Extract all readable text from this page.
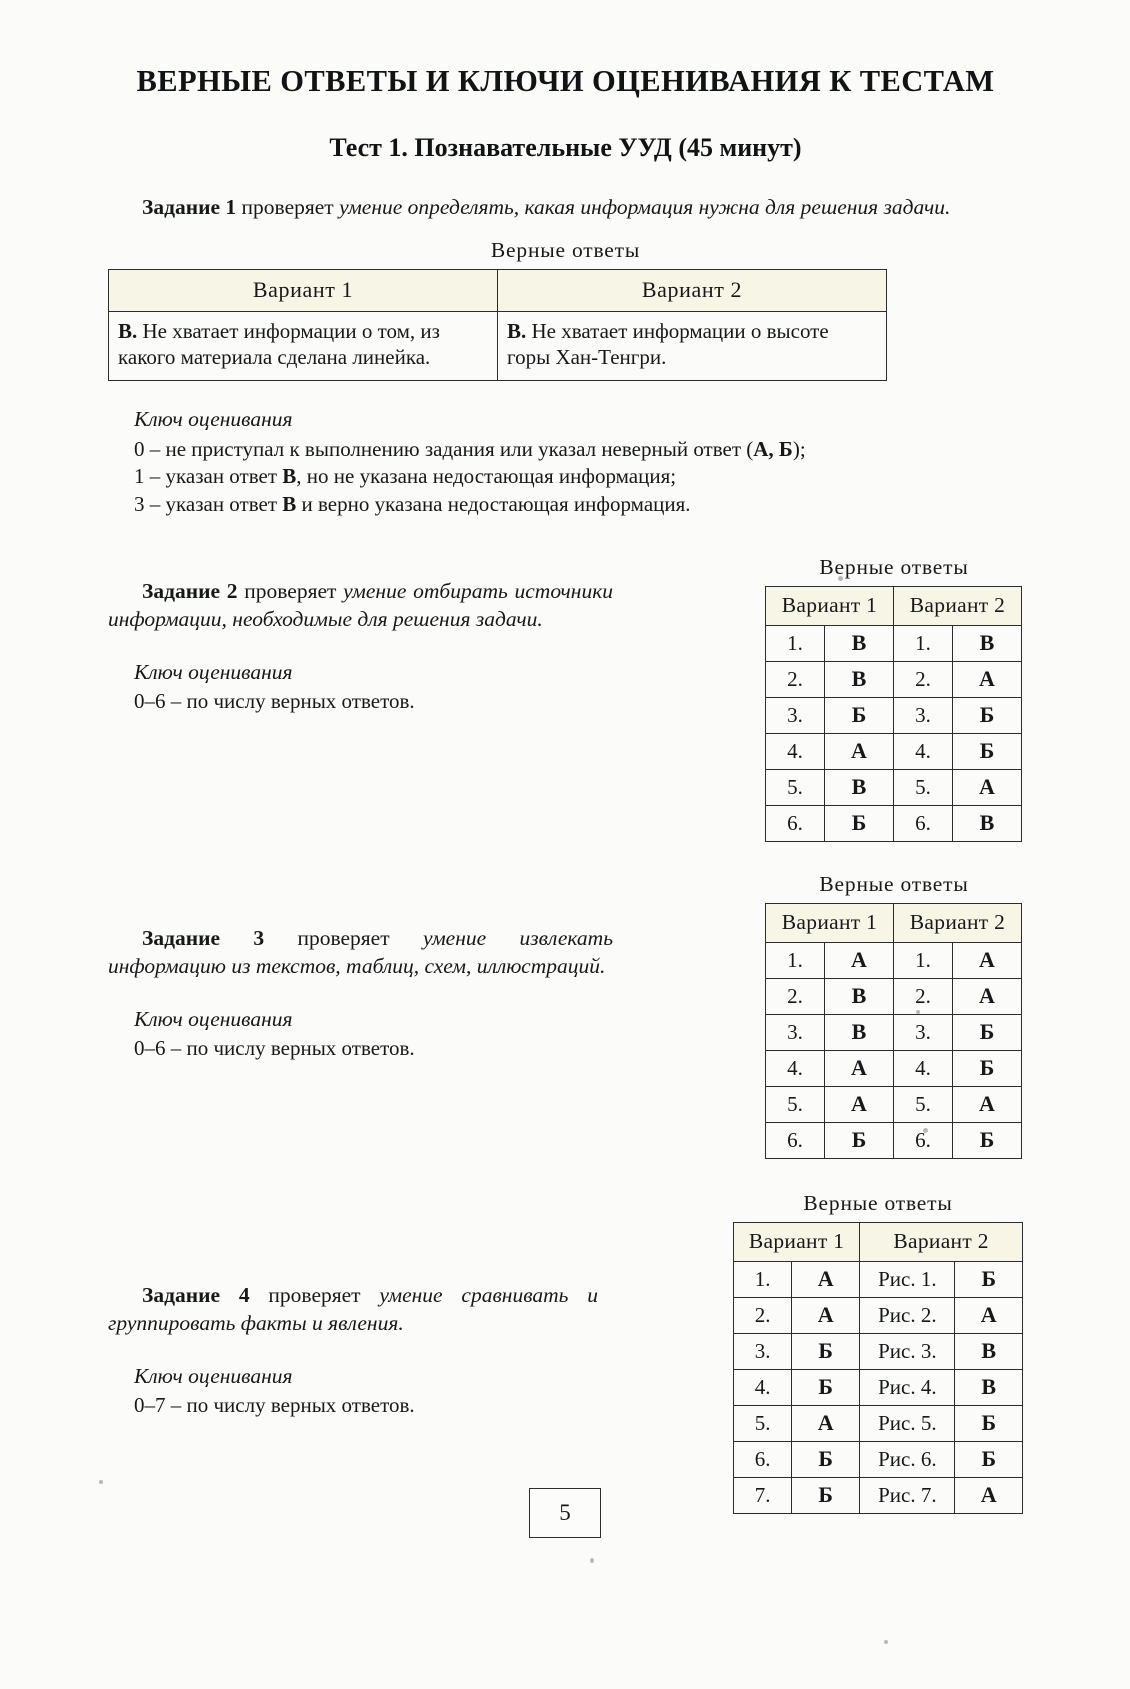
ВЕРНЫЕ ОТВЕТЫ И КЛЮЧИ ОЦЕНИВАНИЯ К ТЕСТАМ
Тест 1. Познавательные УУД (45 минут)

Задание 1 проверяет умение определять, какая информация нужна для решения задачи.

Верные ответы
Вариант 1	Вариант 2
В. Не хватает информации о том, из какого материала сделана линейка.	В. Не хватает информации о высоте горы Хан-Тенгри.
Ключ оценивания
0 – не приступал к выполнению задания или указал неверный ответ (А, Б);
1 – указан ответ В, но не указана недостающая информация;
3 – указан ответ В и верно указана недостающая информация.
Верные ответы
Вариант 1		Вариант 2	
1.	В	1.	В
2.	В	2.	А
3.	Б	3.	Б
4.	А	4.	Б
5.	В	5.	А
6.	Б	6.	В

Задание 2 проверяет умение отбирать источники информации, необходимые для решения задачи.

Ключ оценивания
0–6 – по числу верных ответов.
Верные ответы
Вариант 1		Вариант 2	
1.	А	1.	А
2.	В	2.	А
3.	В	3.	Б
4.	А	4.	Б
5.	А	5.	А
6.	Б	6.	Б

Задание 3 проверяет умение извлекать информацию из текстов, таблиц, схем, иллюстраций.

Ключ оценивания
0–6 – по числу верных ответов.
Верные ответы
Вариант 1		Вариант 2	
1.	А	Рис. 1.	Б
2.	А	Рис. 2.	А
3.	Б	Рис. 3.	В
4.	Б	Рис. 4.	В
5.	А	Рис. 5.	Б
6.	Б	Рис. 6.	Б
7.	Б	Рис. 7.	А

Задание 4 проверяет умение сравнивать и группировать факты и явления.

Ключ оценивания
0–7 – по числу верных ответов.
5
